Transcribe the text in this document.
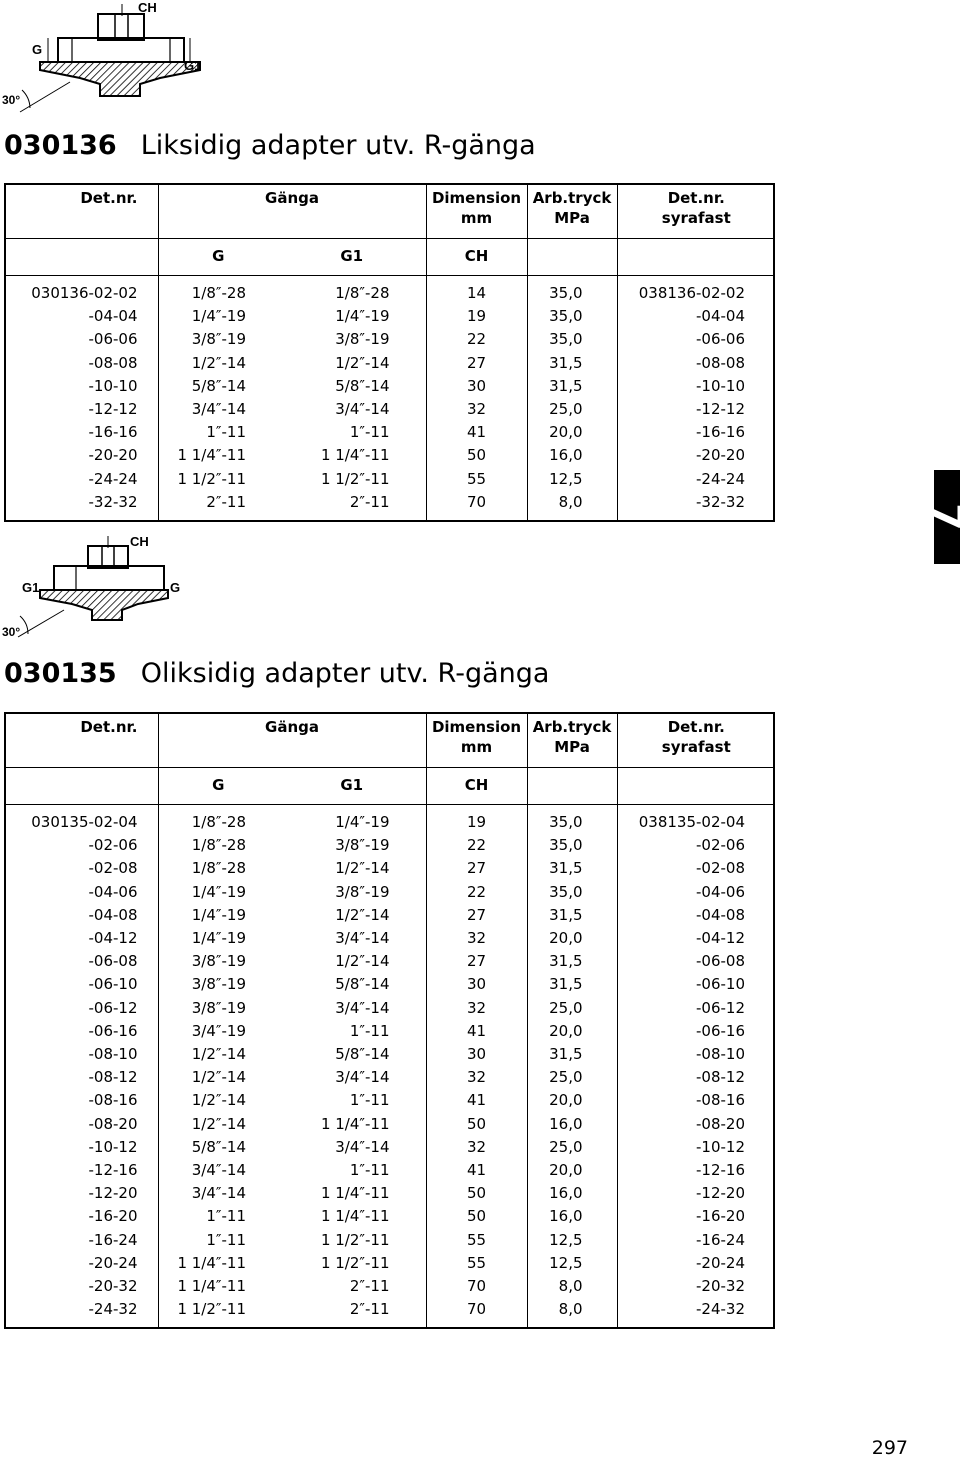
CH
G
G1
30°
030136 Liksidig adapter utv. R-gänga
Det.nr.	Gänga		Dimension
mm	Arb.tryck
MPa	Det.nr.
syrafast
	G	G1	CH		

030136-02-02	1/8″-28	1/8″-28	14	35,0	038136-02-02
-04-04	1/4″-19	1/4″-19	19	35,0	-04-04
-06-06	3/8″-19	3/8″-19	22	35,0	-06-06
-08-08	1/2″-14	1/2″-14	27	31,5	-08-08
-10-10	5/8″-14	5/8″-14	30	31,5	-10-10
-12-12	3/4″-14	3/4″-14	32	25,0	-12-12
-16-16	1″-11	1″-11	41	20,0	-16-16
-20-20	1 1/4″-11	1 1/4″-11	50	16,0	-20-20
-24-24	1 1/2″-11	1 1/2″-11	55	12,5	-24-24
-32-32	2″-11	2″-11	70	8,0	-32-32

7
CH
G1	G
30°
030135 Oliksidig adapter utv. R-gänga
Det.nr.	Gänga		Dimension
mm	Arb.tryck
MPa	Det.nr.
syrafast
	G	G1	CH		

030135-02-04	1/8″-28	1/4″-19	19	35,0	038135-02-04
-02-06	1/8″-28	3/8″-19	22	35,0	-02-06
-02-08	1/8″-28	1/2″-14	27	31,5	-02-08
-04-06	1/4″-19	3/8″-19	22	35,0	-04-06
-04-08	1/4″-19	1/2″-14	27	31,5	-04-08
-04-12	1/4″-19	3/4″-14	32	20,0	-04-12
-06-08	3/8″-19	1/2″-14	27	31,5	-06-08
-06-10	3/8″-19	5/8″-14	30	31,5	-06-10
-06-12	3/8″-19	3/4″-14	32	25,0	-06-12
-06-16	3/4″-19	1″-11	41	20,0	-06-16
-08-10	1/2″-14	5/8″-14	30	31,5	-08-10
-08-12	1/2″-14	3/4″-14	32	25,0	-08-12
-08-16	1/2″-14	1″-11	41	20,0	-08-16
-08-20	1/2″-14	1 1/4″-11	50	16,0	-08-20
-10-12	5/8″-14	3/4″-14	32	25,0	-10-12
-12-16	3/4″-14	1″-11	41	20,0	-12-16
-12-20	3/4″-14	1 1/4″-11	50	16,0	-12-20
-16-20	1″-11	1 1/4″-11	50	16,0	-16-20
-16-24	1″-11	1 1/2″-11	55	12,5	-16-24
-20-24	1 1/4″-11	1 1/2″-11	55	12,5	-20-24
-20-32	1 1/4″-11	2″-11	70	8,0	-20-32
-24-32	1 1/2″-11	2″-11	70	8,0	-24-32

297
